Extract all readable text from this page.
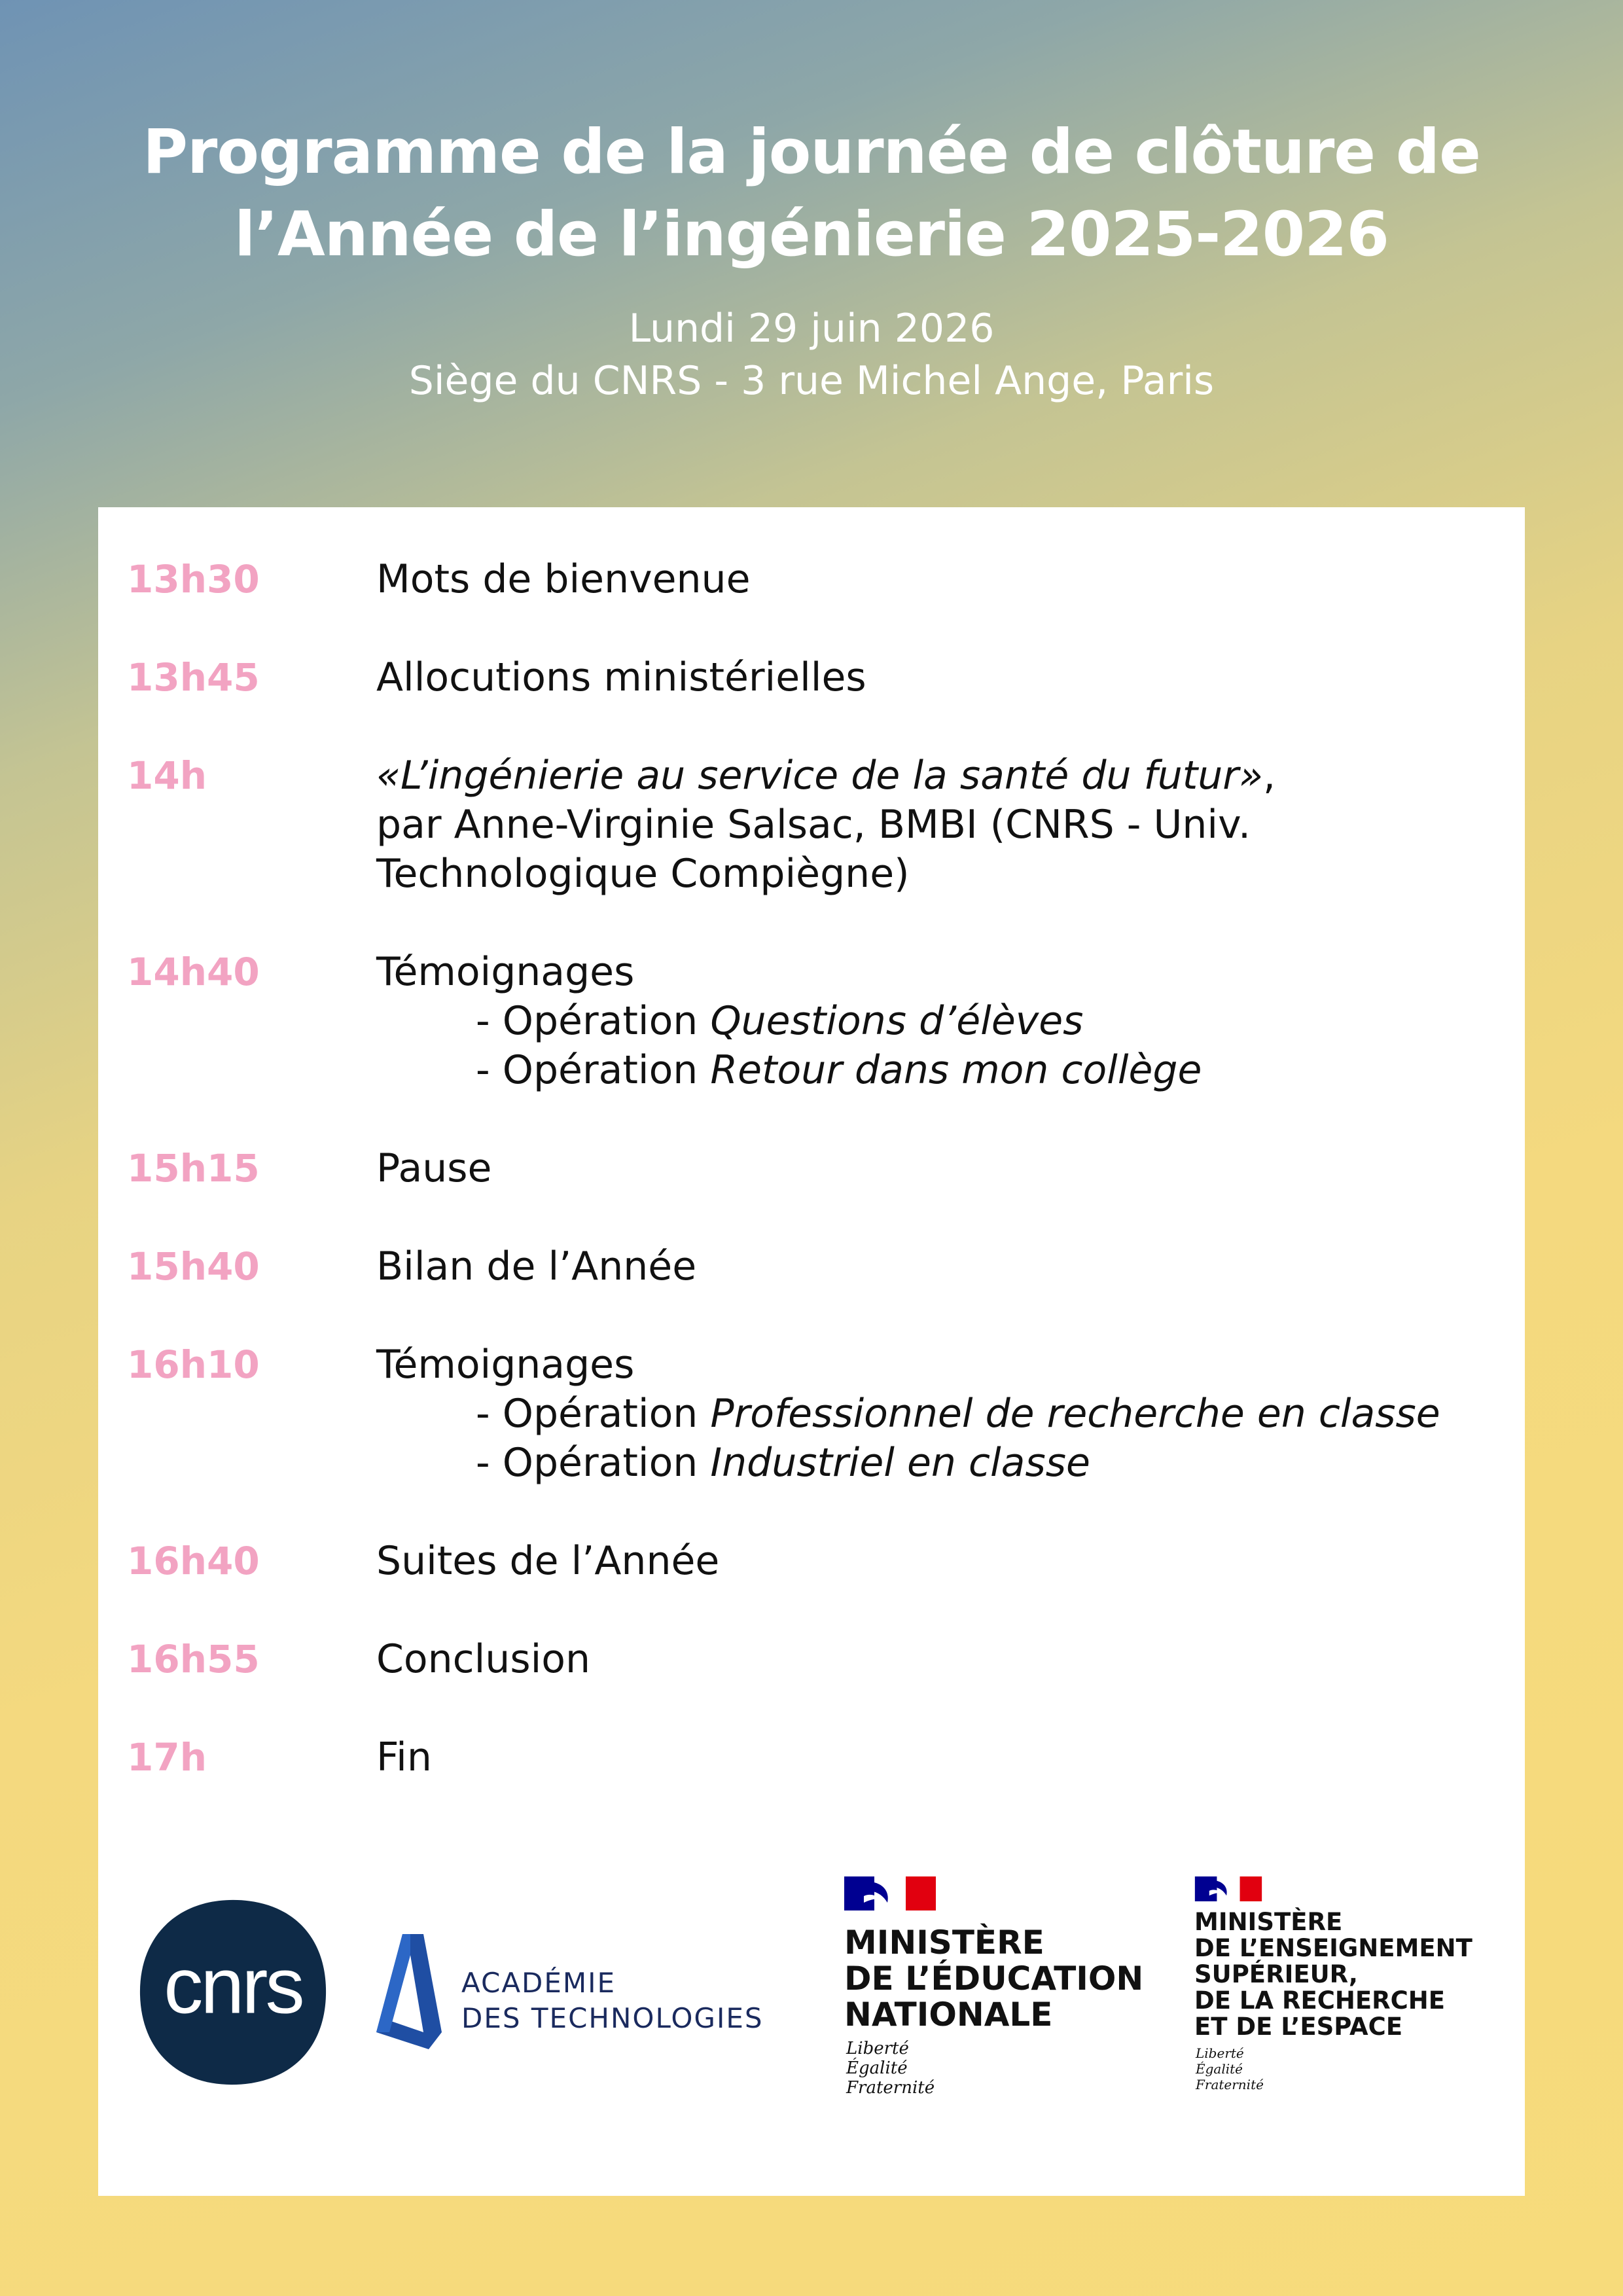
Programme de la journée de clôture de
l’Année de l’ingénierie 2025-2026
Lundi 29 juin 2026
Siège du CNRS - 3 rue Michel Ange, Paris
13h30	Mots de bienvenue
13h45	Allocutions ministérielles
14h	«L’ingénierie au service de la santé du futur»,
par Anne-Virginie Salsac, BMBI (CNRS - Univ.
Technologique Compiègne)
14h40	Témoignages
- Opération Questions d’élèves
- Opération Retour dans mon collège
15h15	Pause
15h40	Bilan de l’Année
16h10	Témoignages
- Opération Professionnel de recherche en classe
- Opération Industriel en classe
16h40	Suites de l’Année
16h55	Conclusion
17h	Fin
cnrs	ACADÉMIE
DES TECHNOLOGIES
MINISTÈRE
DE L’ÉDUCATION
NATIONALE
Liberté
Égalité
Fraternité
MINISTÈRE
DE L’ENSEIGNEMENT
SUPÉRIEUR,
DE LA RECHERCHE
ET DE L’ESPACE
Liberté
Égalité
Fraternité
